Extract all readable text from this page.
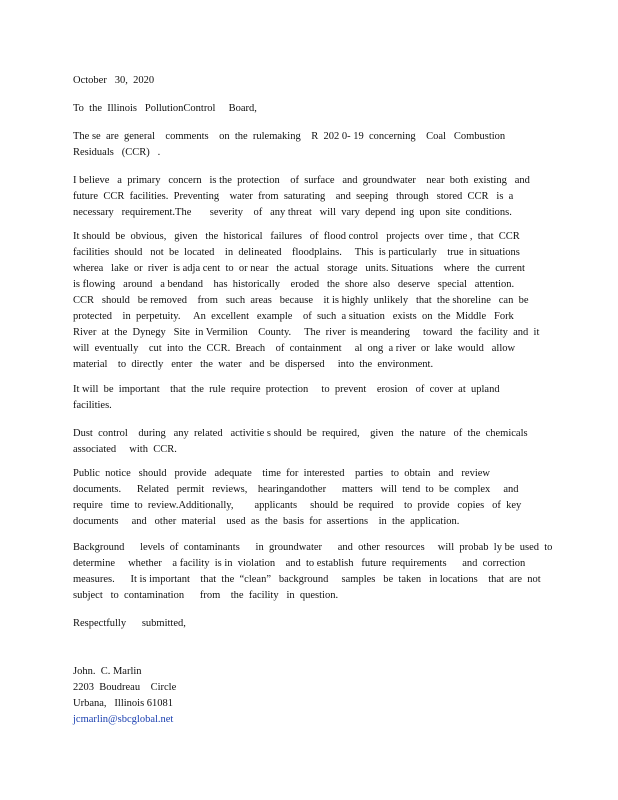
October   30,  2020

To  the  Illinois   PollutionControl     Board,

The se  are  general    comments    on  the  rulemaking    R  202 0- 19  concerning    Coal   Combustion
Residuals   (CCR)   .

I believe   a  primary   concern   is the  protection    of  surface   and  groundwater    near  both  existing   and
future  CCR  facilities.  Preventing    water  from  saturating    and  seeping   through   stored  CCR   is  a
necessary   requirement.The       severity    of   any threat   will  vary  depend  ing  upon  site  conditions.

It should  be  obvious,   given   the  historical   failures   of  flood control   projects  over  time ,  that  CCR
facilities  should   not  be  located    in  delineated    floodplains.     This  is particularly    true  in situations
wherea   lake  or  river  is adja cent  to  or near   the  actual   storage   units. Situations    where   the  current
is flowing   around   a bendand    has  historically    eroded   the  shore  also   deserve   special   attention.
CCR   should   be removed    from   such  areas   because    it is highly  unlikely   that  the shoreline   can  be
protected    in  perpetuity.     An  excellent   example    of  such  a situation   exists  on  the  Middle   Fork
River  at  the  Dynegy   Site  in Vermilion    County.     The  river  is meandering     toward   the  facility  and  it
will  eventually    cut  into  the  CCR.  Breach    of  containment     al  ong  a river  or  lake  would   allow
material    to  directly   enter   the  water   and  be  dispersed     into  the  environment.

It will  be  important    that  the  rule  require  protection     to  prevent    erosion   of  cover  at  upland
facilities.

Dust  control    during   any  related   activitie s should  be  required,    given   the  nature   of  the  chemicals
associated     with  CCR.

Public  notice   should   provide   adequate    time  for  interested    parties   to  obtain   and   review
documents.      Related   permit   reviews,    hearingandother      matters   will  tend  to  be  complex     and
require   time  to  review.Additionally,        applicants     should  be  required    to  provide   copies   of  key
documents     and   other  material    used  as  the  basis  for  assertions    in  the  application.

Background      levels  of  contaminants      in  groundwater      and  other  resources     will  probab  ly be  used  to
determine     whether    a facility  is in  violation    and  to establish   future  requirements      and  correction
measures.      It is important    that  the  “clean”   background     samples   be  taken   in locations    that  are  not
subject   to  contamination      from    the  facility   in  question.

Respectfully      submitted,

John.  C. Marlin
2203  Boudreau    Circle
Urbana,   Illinois 61081
jcmarlin@sbcglobal.net
